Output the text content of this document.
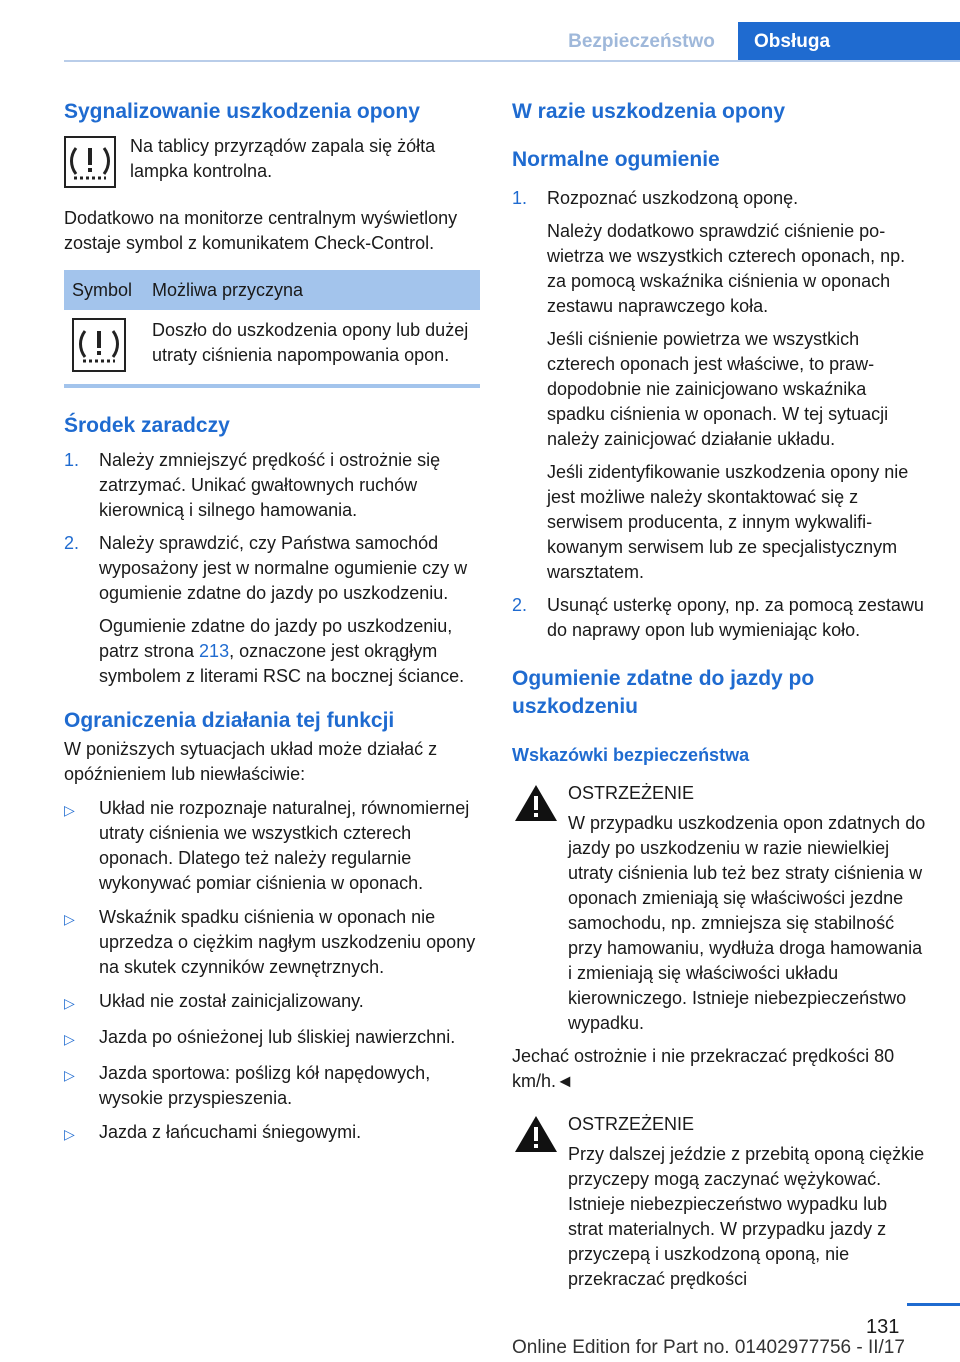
Bezpieczeństwo	Obsługa
Sygnalizowanie uszkodzenia opony

Na tablicy przyrządów zapala się żółta lampka kontrolna.

Dodatkowo na monitorze centralnym wyświetlony zostaje symbol z komunikatem Check-Control.

Symbol	Możliwa przyczyna

	Doszło do uszkodzenia opony lub dużej utraty ciśnienia napompowania opon.
Środek zaradczy
1.	Należy zmniejszyć prędkość i ostrożnie się zatrzymać. Unikać gwałtownych ruchów kierownicą i silnego hamowania.
2.	Należy sprawdzić, czy Państwa samochód wyposażony jest w normalne ogumienie czy w ogumienie zdatne do jazdy po uszkodzeniu.

Ogumienie zdatne do jazdy po uszkodzeniu, patrz strona 213, oznaczone jest okrągłym symbolem z literami RSC na bocznej ściance.

Ograniczenia działania tej funkcji

W poniższych sytuacjach układ może działać z opóźnieniem lub niewłaściwie:

▷	Układ nie rozpoznaje naturalnej, równomiernej utraty ciśnienia we wszystkich czterech oponach. Dlatego też należy regularnie wykonywać pomiar ciśnienia w oponach.
▷	Wskaźnik spadku ciśnienia w oponach nie uprzedza o ciężkim nagłym uszkodzeniu opony na skutek czynników zewnętrznych.
▷	Układ nie został zainicjalizowany.
▷	Jazda po ośnieżonej lub śliskiej nawierzchni.
▷	Jazda sportowa: poślizg kół napędowych, wysokie przyspieszenia.
▷	Jazda z łańcuchami śniegowymi.
W razie uszkodzenia opony
Normalne ogumienie
1.	Rozpoznać uszkodzoną oponę.

Należy dodatkowo sprawdzić ciśnienie powietrza we wszystkich czterech oponach, np. za pomocą wskaźnika ciśnienia w oponach zestawu naprawczego koła.

Jeśli ciśnienie powietrza we wszystkich czterech oponach jest właściwe, to prawdopodobnie nie zainicjowano wskaźnika spadku ciśnienia w oponach. W tej sytuacji należy zainicjować działanie układu.

Jeśli zidentyfikowanie uszkodzenia opony nie jest możliwe należy skontaktować się z serwisem producenta, z innym wykwalifikowanym serwisem lub ze specjalistycznym warsztatem.

2.	Usunąć usterkę opony, np. za pomocą zestawu do naprawy opon lub wymieniając koło.
Ogumienie zdatne do jazdy po uszkodzeniu
Wskazówki bezpieczeństwa

OSTRZEŻENIE

W przypadku uszkodzenia opon zdatnych do jazdy po uszkodzeniu w razie niewielkiej utraty ciśnienia lub też bez straty ciśnienia w oponach zmieniają się właściwości jezdne samochodu, np. zmniejsza się stabilność przy hamowaniu, wydłuża droga hamowania i zmieniają się właściwości układu kierowniczego. Istnieje niebezpieczeństwo wypadku.

Jechać ostrożnie i nie przekraczać prędkości 80 km/h.◄

OSTRZEŻENIE

Przy dalszej jeździe z przebitą oponą ciężkie przyczepy mogą zaczynać wężykować. Istnieje niebezpieczeństwo wypadku lub strat materialnych. W przypadku jazdy z przyczepą i uszkodzoną oponą, nie przekraczać prędkości

131
Online Edition for Part no. 01402977756 - II/17
